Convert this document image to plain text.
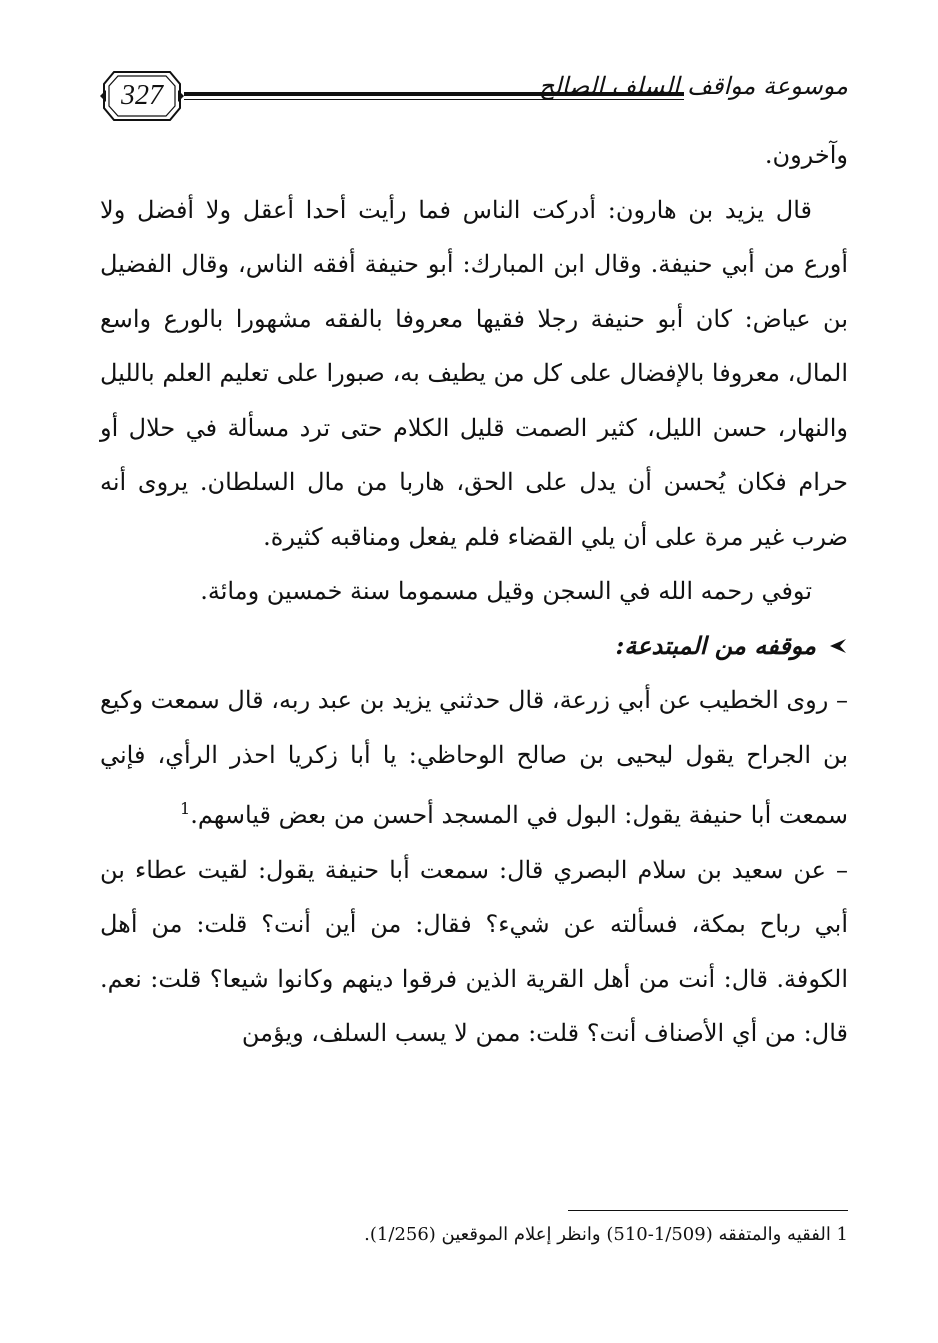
327	موسوعة مواقف السلف الصالح

وآخرون.

قال يزيد بن هارون: أدركت الناس فما رأيت أحدا أعقل ولا أفضل ولا أورع من أبي حنيفة. وقال ابن المبارك: أبو حنيفة أفقه الناس، وقال الفضيل بن عياض: كان أبو حنيفة رجلا فقيها معروفا بالفقه مشهورا بالورع واسع المال، معروفا بالإفضال على كل من يطيف به، صبورا على تعليم العلم بالليل والنهار، حسن الليل، كثير الصمت قليل الكلام حتى ترد مسألة في حلال أو حرام فكان يُحسن أن يدل على الحق، هاربا من مال السلطان. يروى أنه ضرب غير مرة على أن يلي القضاء فلم يفعل ومناقبه كثيرة.

توفي رحمه الله في السجن وقيل مسموما سنة خمسين ومائة.

موقفه من المبتدعة:

– روى الخطيب عن أبي زرعة، قال حدثني يزيد بن عبد ربه، قال سمعت وكيع بن الجراح يقول ليحيى بن صالح الوحاظي: يا أبا زكريا احذر الرأي، فإني سمعت أبا حنيفة يقول: البول في المسجد أحسن من بعض قياسهم.$^1$

– عن سعيد بن سلام البصري قال: سمعت أبا حنيفة يقول: لقيت عطاء بن أبي رباح بمكة، فسألته عن شيء؟ فقال: من أين أنت؟ قلت: من أهل الكوفة. قال: أنت من أهل القرية الذين فرقوا دينهم وكانوا شيعا؟ قلت: نعم. قال: من أي الأصناف أنت؟ قلت: ممن لا يسب السلف، ويؤمن

1 الفقيه والمتفقه (1/509-510) وانظر إعلام الموقعين (1/256).
